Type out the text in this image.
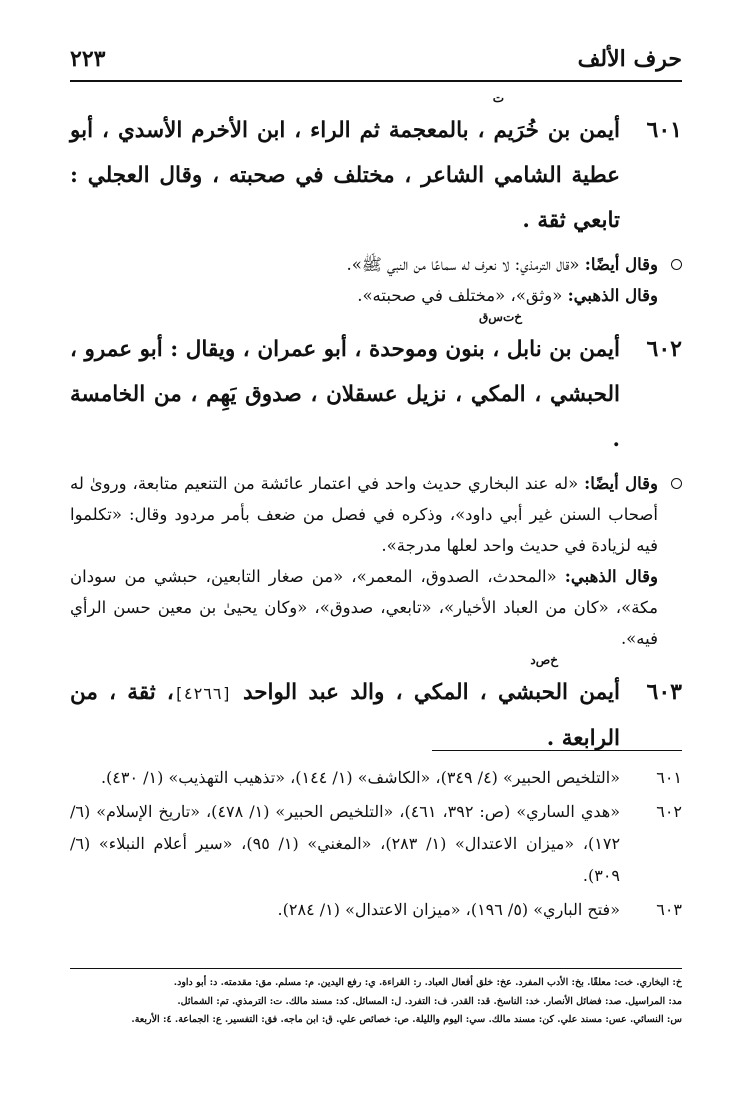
حرف الألف
٢٢٣
٦٠١
ت

أيمن بن خُرَيم ، بالمعجمة ثم الراء ، ابن الأخرم الأسدي ، أبو عطية الشامي الشاعر ، مختلف في صحبته ، وقال العجلي : تابعي ثقة .

وقال أيضًا: «قال الترمذي: لا نعرف له سماعًا من النبي ﷺ».

وقال الذهبي: «وثق»، «مختلف في صحبته».

٦٠٢
خ‌ت‌س‌ق

أيمن بن نابل ، بنون وموحدة ، أبو عمران ، ويقال : أبو عمرو ، الحبشي ، المكي ، نزيل عسقلان ، صدوق يَهِم ، من الخامسة .

وقال أيضًا: «له عند البخاري حديث واحد في اعتمار عائشة من التنعيم متابعة، وروىٰ له أصحاب السنن غير أبي داود»، وذكره في فصل من ضعف بأمر مردود وقال: «تكلموا فيه لزيادة في حديث واحد لعلها مدرجة».

وقال الذهبي: «المحدث، الصدوق، المعمر»، «من صغار التابعين، حبشي من سودان مكة»، «كان من العباد الأخيار»، «تابعي، صدوق»، «وكان يحيىٰ بن معين حسن الرأي فيه».

٦٠٣
خ‌ص‌د

أيمن الحبشي ، المكي ، والد عبد الواحد [٤٢٦٦]، ثقة ، من الرابعة .

٦٠١

«التلخيص الحبير» (٤/ ٣٤٩)، «الكاشف» (١/ ١٤٤)، «تذهيب التهذيب» (١/ ٤٣٠).

٦٠٢

«هدي الساري» (ص: ٣٩٢، ٤٦١)، «التلخيص الحبير» (١/ ٤٧٨)، «تاريخ الإسلام» (٦/ ١٧٢)، «ميزان الاعتدال» (١/ ٢٨٣)، «المغني» (١/ ٩٥)، «سير أعلام النبلاء» (٦/ ٣٠٩).

٦٠٣

«فتح الباري» (٥/ ١٩٦)، «ميزان الاعتدال» (١/ ٢٨٤).

خ: البخاري. خت: معلقًا. بخ: الأدب المفرد. عخ: خلق أفعال العباد. ر: القراءة. ي: رفع اليدين. م: مسلم. مق: مقدمته. د: أبو داود.

مد: المراسيل. صد: فضائل الأنصار. خد: الناسخ. قد: القدر. ف: التفرد. ل: المسائل. كد: مسند مالك. ت: الترمذي. تم: الشمائل.

س: النسائي. عس: مسند علي. كن: مسند مالك. سي: اليوم والليلة. ص: خصائص علي. ق: ابن ماجه. فق: التفسير. ع: الجماعة. ٤: الأربعة.
